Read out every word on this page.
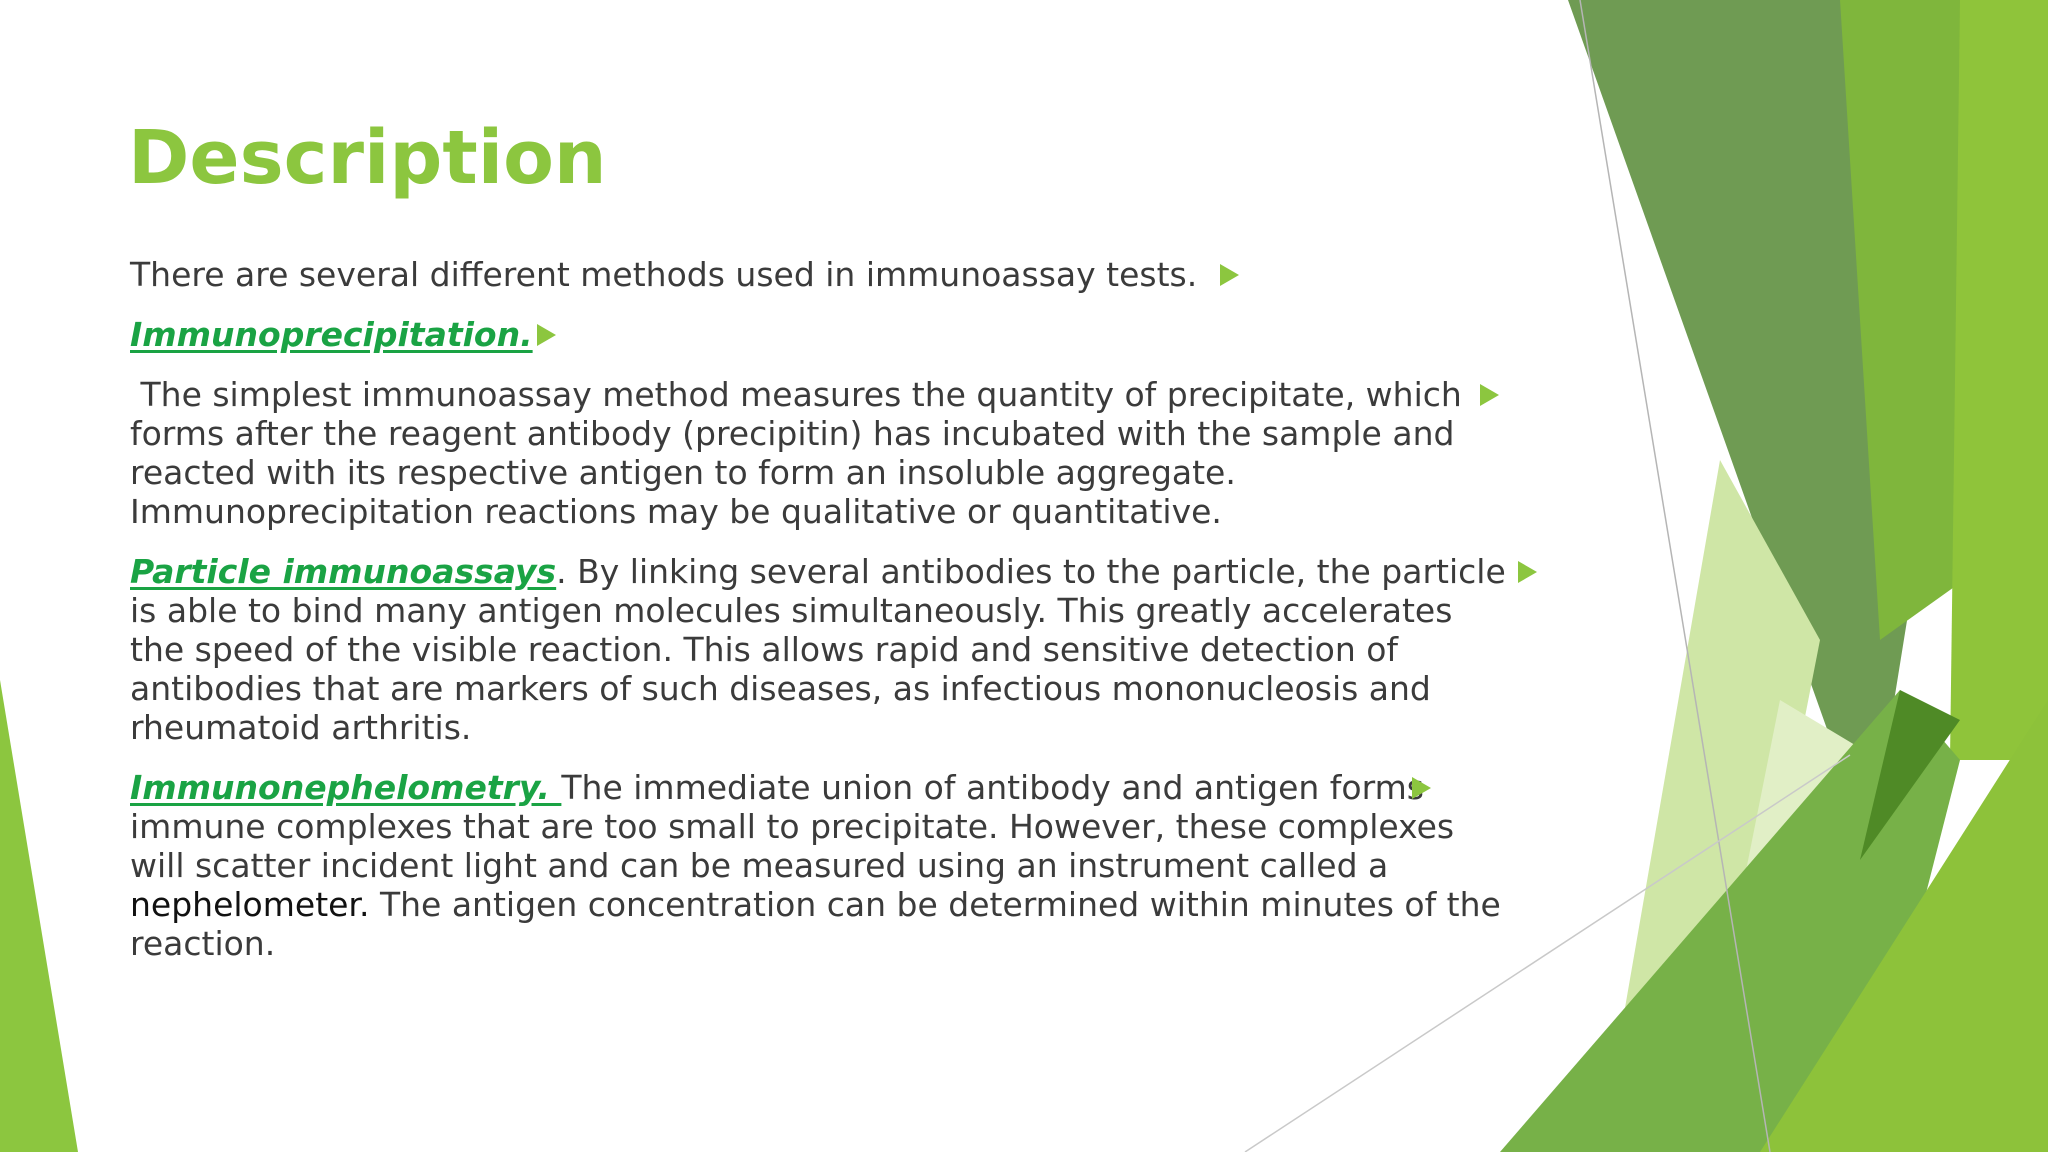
Description

There are several different methods used in immunoassay tests.

Immunoprecipitation.

The simplest immunoassay method measures the quantity of precipitate, which
forms after the reagent antibody (precipitin) has incubated with the sample and
reacted with its respective antigen to form an insoluble aggregate.
Immunoprecipitation reactions may be qualitative or quantitative.

Particle immunoassays. By linking several antibodies to the particle, the particle
is able to bind many antigen molecules simultaneously. This greatly accelerates
the speed of the visible reaction. This allows rapid and sensitive detection of
antibodies that are markers of such diseases, as infectious mononucleosis and
rheumatoid arthritis.

Immunonephelometry. The immediate union of antibody and antigen forms
immune complexes that are too small to precipitate. However, these complexes
will scatter incident light and can be measured using an instrument called a
nephelometer. The antigen concentration can be determined within minutes of the
reaction.
